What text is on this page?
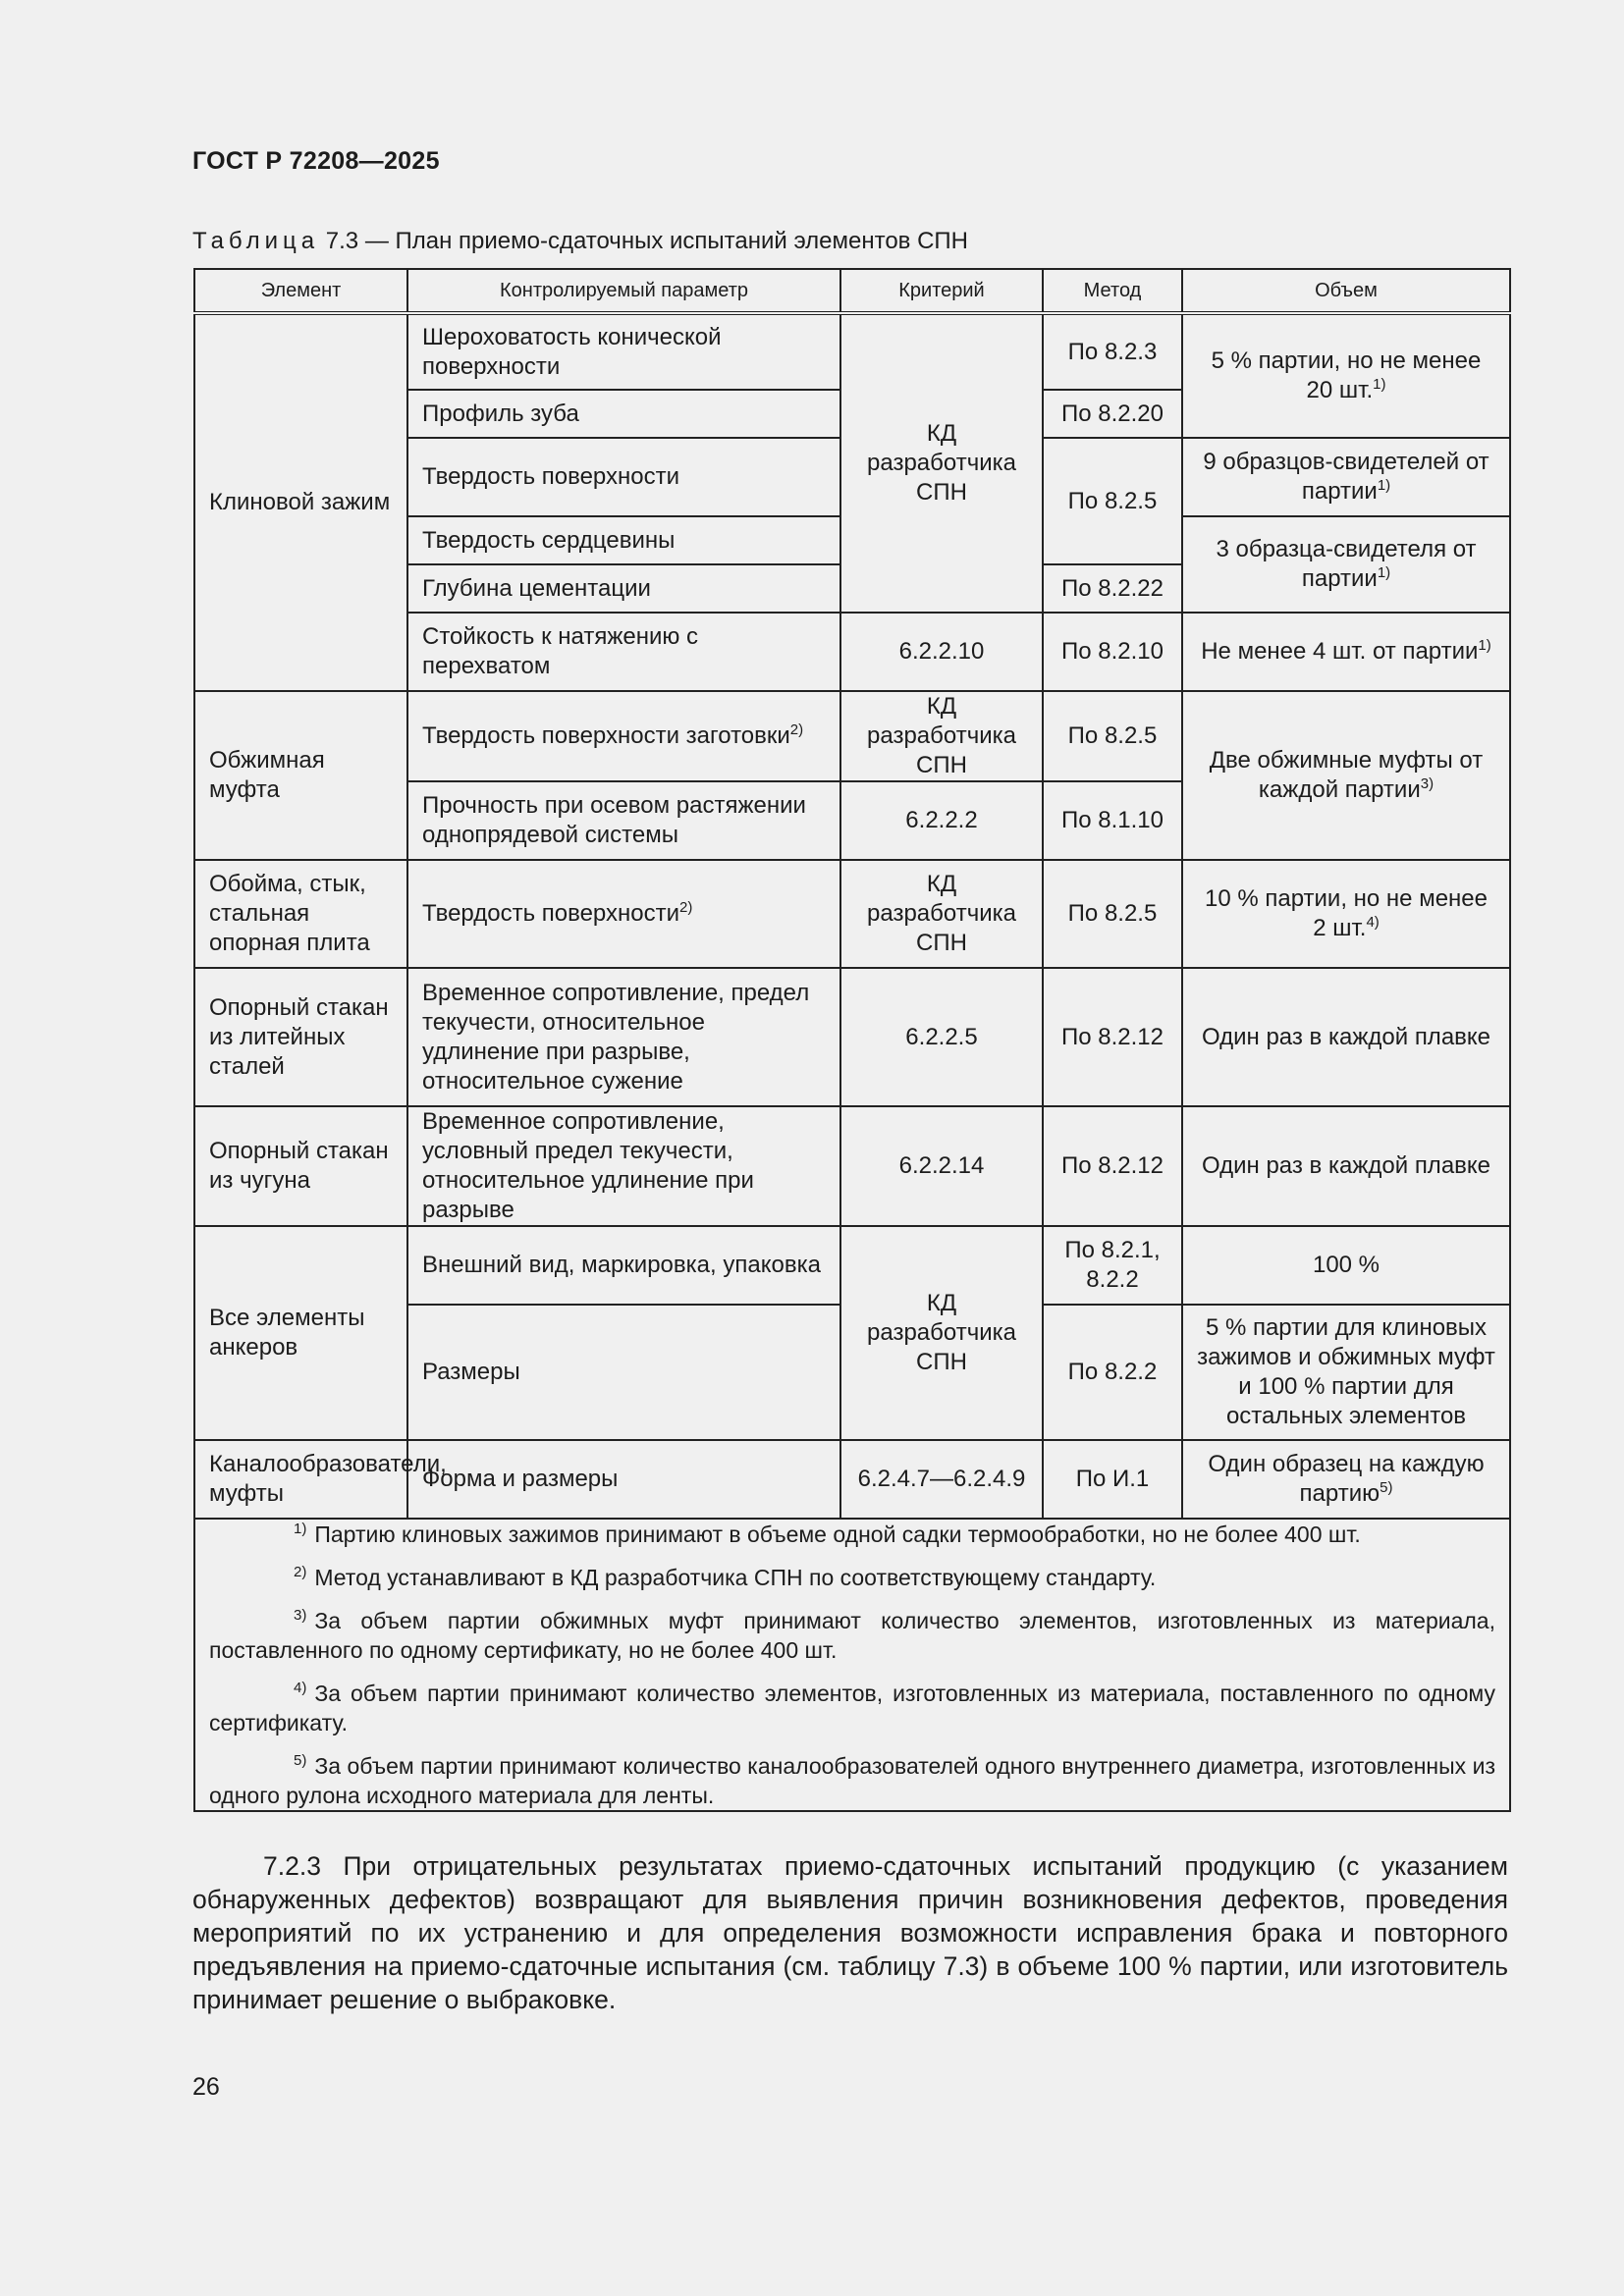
ГОСТ Р 72208—2025
Таблица 7.3 — План приемо-сдаточных испытаний элементов СПН
Элемент	Контролируемый параметр	Критерий	Метод	Объем
Клиновой зажим	Шероховатость конической поверхности	КД разработчика СПН	По 8.2.3	5 % партии, но не менее 20 шт.$^{1)}$
	Профиль зуба		По 8.2.20	
	Твердость поверхности		По 8.2.5	9 образцов-свидетелей от партии$^{1)}$
	Твердость сердцевины			3 образца-свидетеля от партии$^{1)}$
	Глубина цементации		По 8.2.22	
	Стойкость к натяжению с перехватом	6.2.2.10	По 8.2.10	Не менее 4 шт. от партии$^{1)}$
Обжимная муфта	Твердость поверхности заготовки$^{2)}$	КД разработчика СПН	По 8.2.5	Две обжимные муфты от каждой партии$^{3)}$
	Прочность при осевом растяжении однопрядевой системы	6.2.2.2	По 8.1.10	
Обойма, стык, стальная опорная плита	Твердость поверхности$^{2)}$	КД разработчика СПН	По 8.2.5	10 % партии, но не менее 2 шт.$^{4)}$
Опорный стакан из литейных сталей	Временное сопротивление, предел текучести, относительное удлинение при разрыве, относительное сужение	6.2.2.5	По 8.2.12	Один раз в каждой плавке
Опорный стакан из чугуна	Временное сопротивление, условный предел текучести, относительное удлинение при разрыве	6.2.2.14	По 8.2.12	Один раз в каждой плавке
Все элементы анкеров	Внешний вид, маркировка, упаковка	КД разработчика СПН	По 8.2.1, 8.2.2	100 %
	Размеры		По 8.2.2	5 % партии для клиновых зажимов и обжимных муфт и 100 % партии для остальных элементов
Каналообразователи, муфты	Форма и размеры	6.2.4.7—6.2.4.9	По И.1	Один образец на каждую партию$^{5)}$

$^{1)}$ Партию клиновых зажимов принимают в объеме одной садки термообработки, но не более 400 шт.

$^{2)}$ Метод устанавливают в КД разработчика СПН по соответствующему стандарту.

$^{3)}$ За объем партии обжимных муфт принимают количество элементов, изготовленных из материала, поставленного по одному сертификату, но не более 400 шт.

$^{4)}$ За объем партии принимают количество элементов, изготовленных из материала, поставленного по одному сертификату.

$^{5)}$ За объем партии принимают количество каналообразователей одного внутреннего диаметра, изготовленных из одного рулона исходного материала для ленты.				

7.2.3 При отрицательных результатах приемо-сдаточных испытаний продукцию (с указанием обнаруженных дефектов) возвращают для выявления причин возникновения дефектов, проведения мероприятий по их устранению и для определения возможности исправления брака и повторного предъявления на приемо-сдаточные испытания (см. таблицу 7.3) в объеме 100 % партии, или изготовитель принимает решение о выбраковке.

26
